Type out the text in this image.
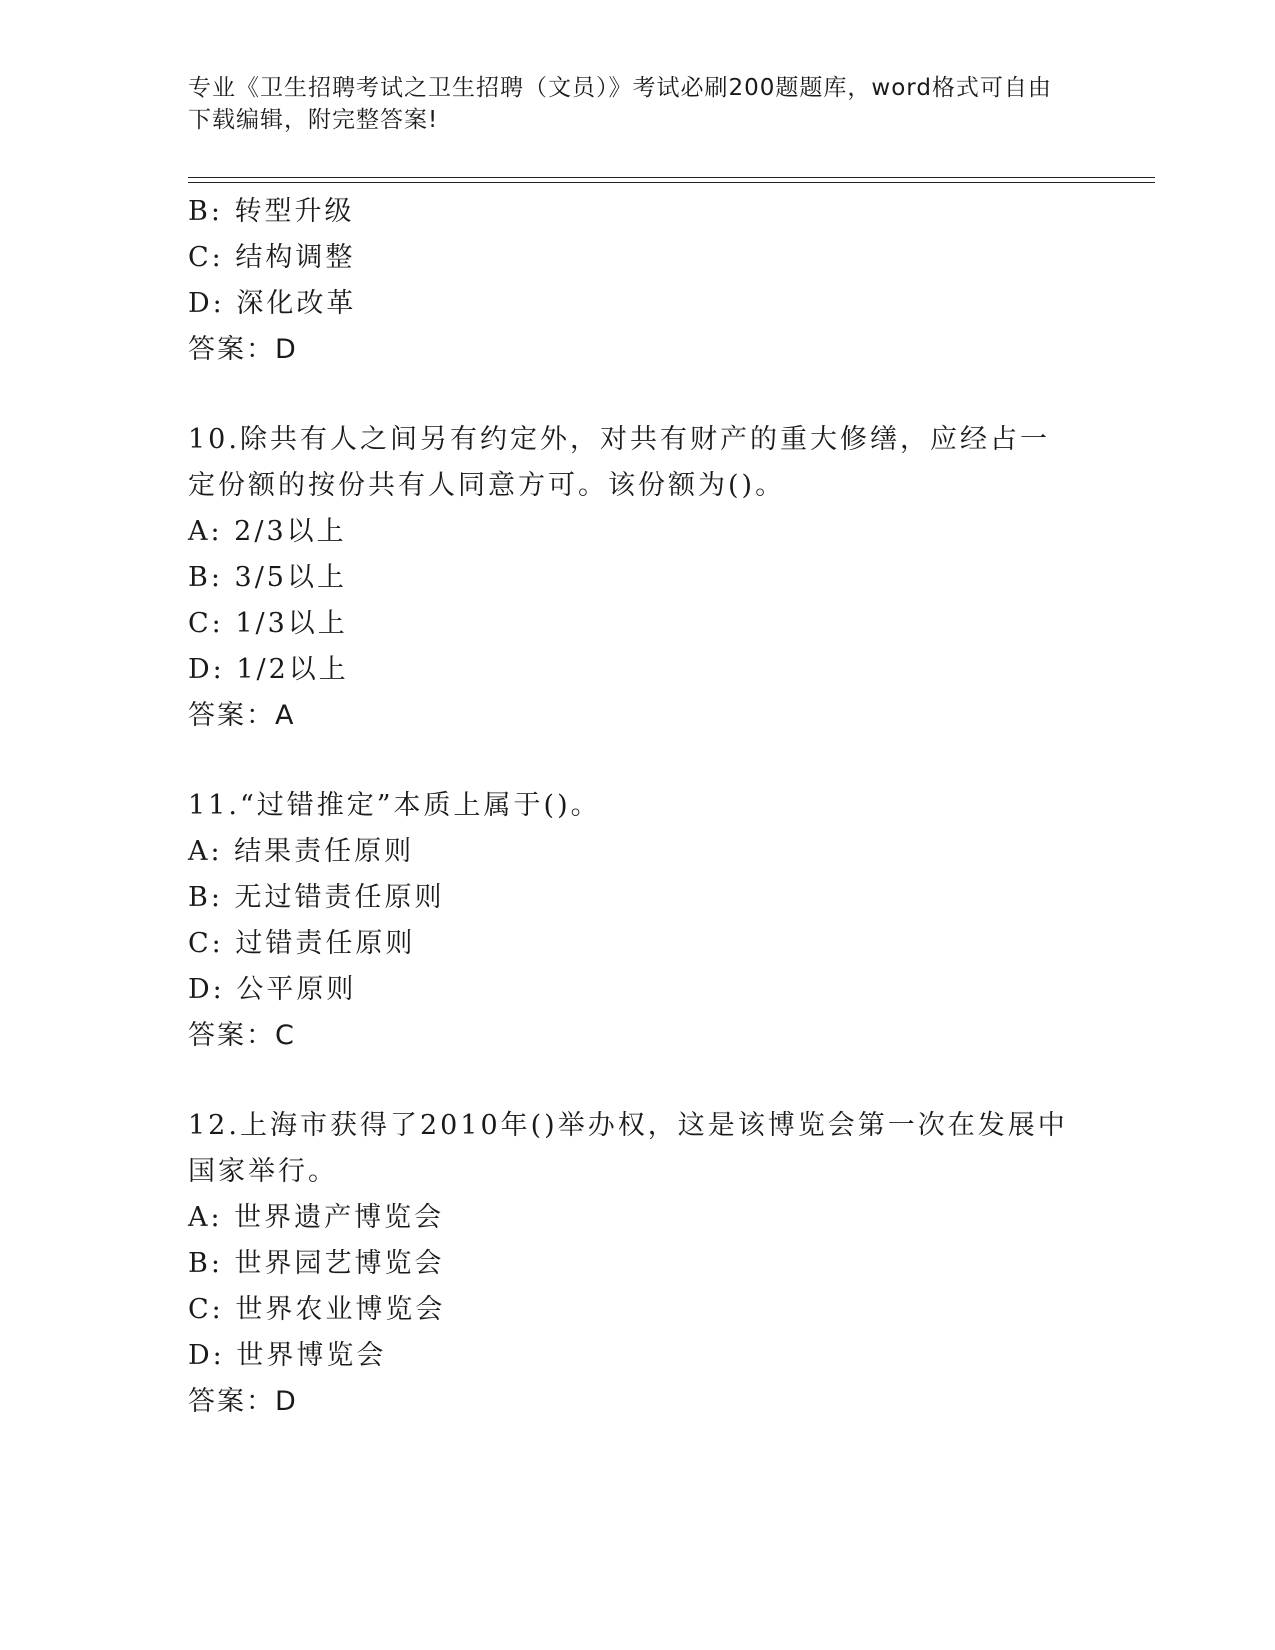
专业《卫生招聘考试之卫生招聘（文员）》考试必刷200题题库，word格式可自由下载编辑，附完整答案!
B: 转型升级
C: 结构调整
D: 深化改革
答案：D
10.除共有人之间另有约定外，对共有财产的重大修缮，应经占一定份额的按份共有人同意方可。该份额为()。
A: 2/3以上
B: 3/5以上
C: 1/3以上
D: 1/2以上
答案：A
11.“过错推定”本质上属于()。
A: 结果责任原则
B: 无过错责任原则
C: 过错责任原则
D: 公平原则
答案：C
12.上海市获得了2010年()举办权，这是该博览会第一次在发展中国家举行。
A: 世界遗产博览会
B: 世界园艺博览会
C: 世界农业博览会
D: 世界博览会
答案：D
